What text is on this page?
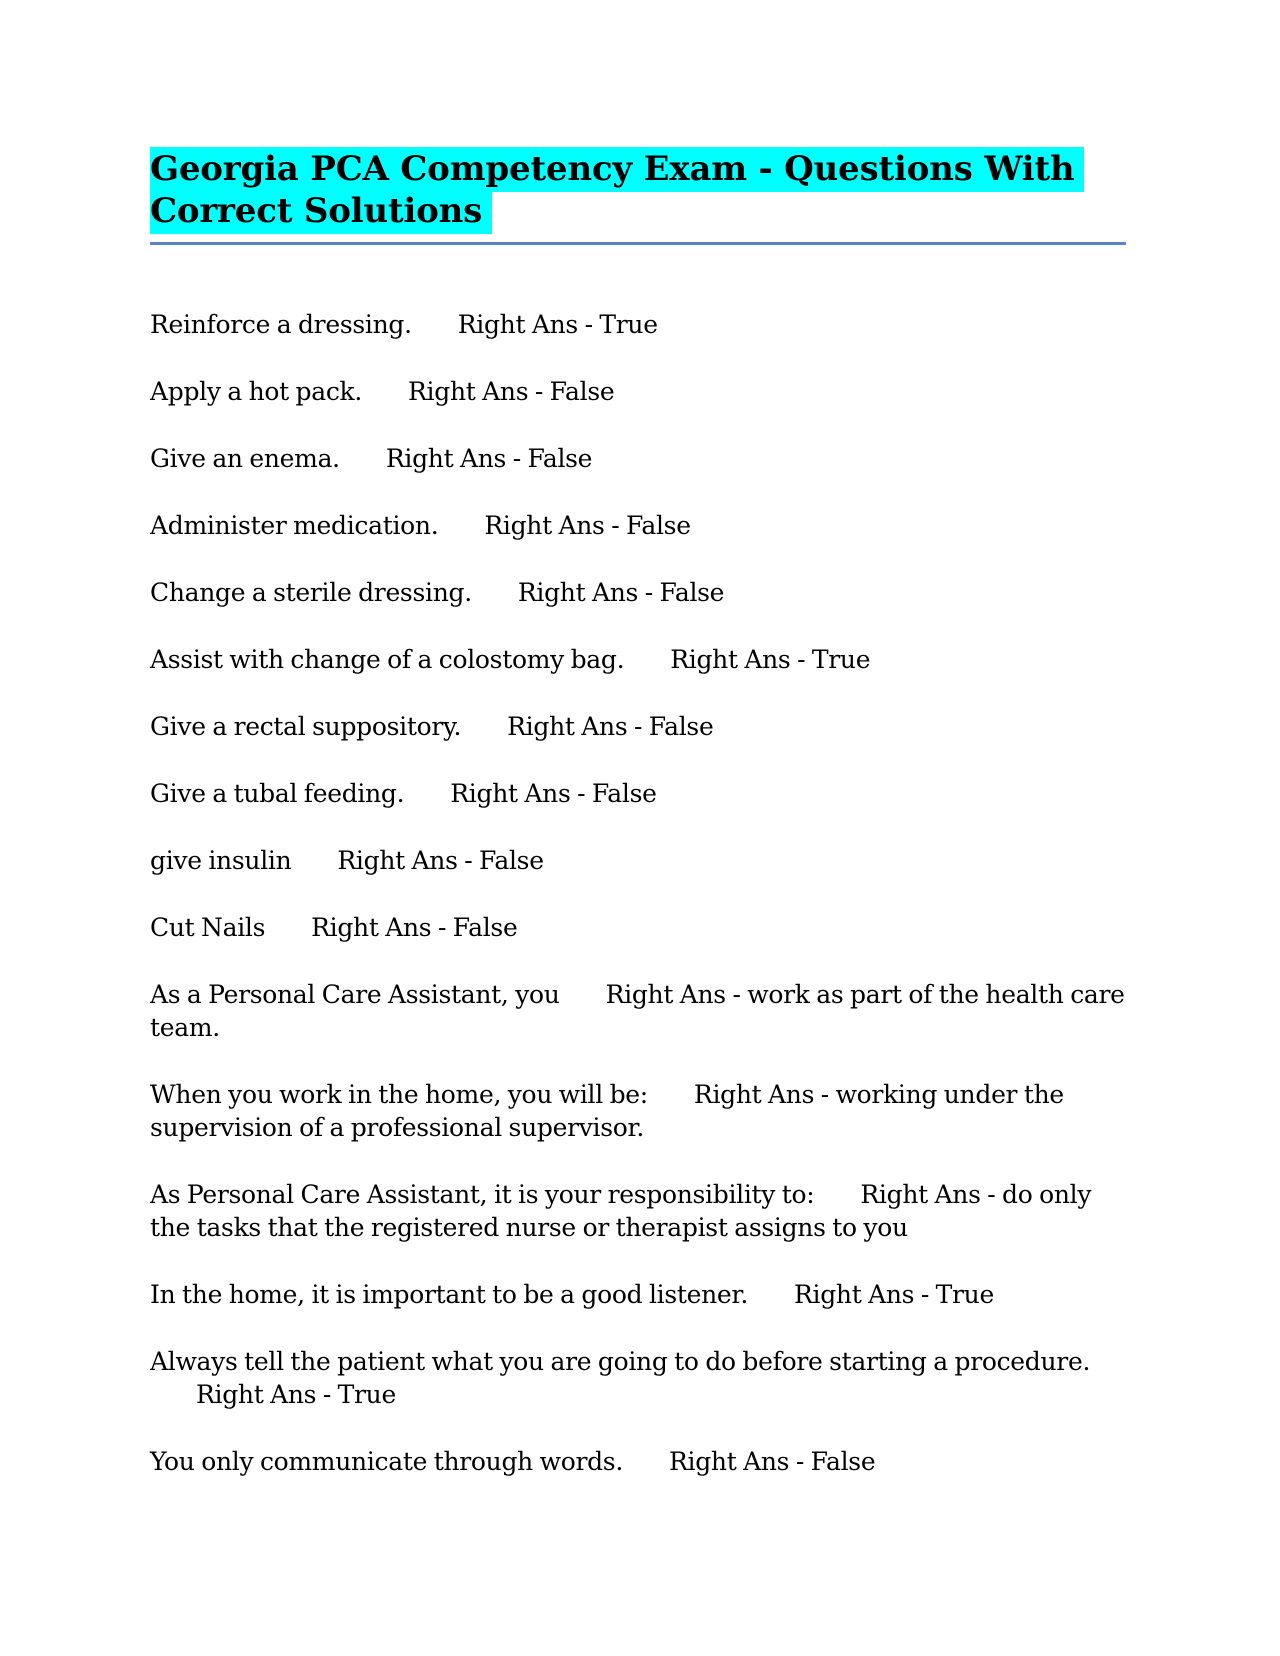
Georgia PCA Competency Exam - Questions With Correct Solutions
Reinforce a dressing. Right Ans - True
Apply a hot pack. Right Ans - False
Give an enema. Right Ans - False
Administer medication. Right Ans - False
Change a sterile dressing. Right Ans - False
Assist with change of a colostomy bag. Right Ans - True
Give a rectal suppository. Right Ans - False
Give a tubal feeding. Right Ans - False
give insulin Right Ans - False
Cut Nails Right Ans - False
As a Personal Care Assistant, you Right Ans - work as part of the health care team.
When you work in the home, you will be: Right Ans - working under the supervision of a professional supervisor.
As Personal Care Assistant, it is your responsibility to: Right Ans - do only the tasks that the registered nurse or therapist assigns to you
In the home, it is important to be a good listener. Right Ans - True
Always tell the patient what you are going to do before starting a procedure.Right Ans - True
You only communicate through words. Right Ans - False
